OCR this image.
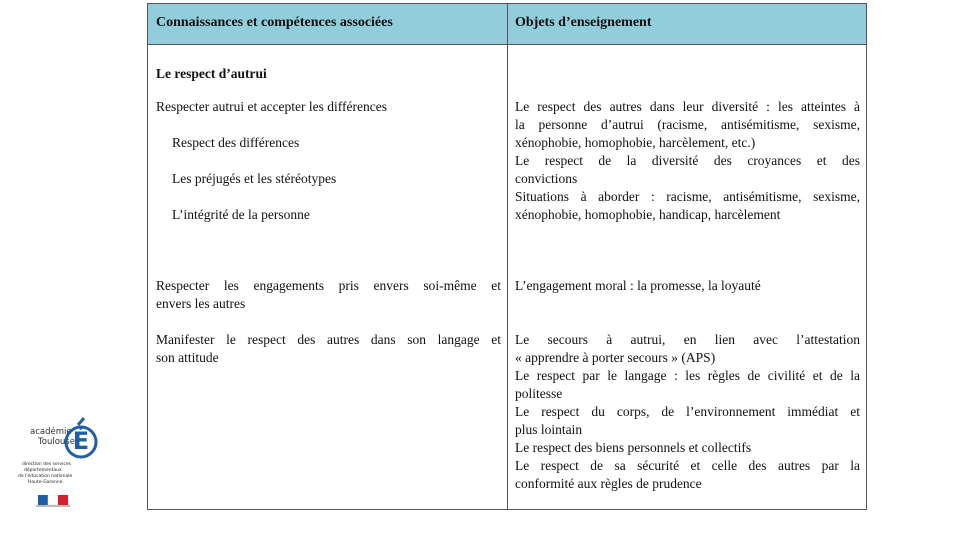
Connaissances et compétences associées	Objets d’enseignement
Le respect d’autrui
Respecter autrui et accepter les différences
Respect des différences
Les préjugés et les stéréotypes
L’intégrité de la personne
Respecter les engagements pris envers soi-même et
envers les autres
Manifester le respect des autres dans son langage et
son attitude
Le respect des autres dans leur diversité : les atteintes à
la personne d’autrui (racisme, antisémitisme, sexisme,
xénophobie, homophobie, harcèlement, etc.)
Le respect de la diversité des croyances et des
convictions
Situations à aborder : racisme, antisémitisme, sexisme,
xénophobie, homophobie, handicap, harcèlement
L’engagement moral : la promesse, la loyauté
Le secours à autrui, en lien avec l’attestation
« apprendre à porter secours » (APS)
Le respect par le langage : les règles de civilité et de la
politesse
Le respect du corps, de l’environnement immédiat et
plus lointain
Le respect des biens personnels et collectifs
Le respect de sa sécurité et celle des autres par la
conformité aux règles de prudence
académie
Toulouse
É
direction des services
départementaux
de l'éducation nationale
Haute-Garonne
